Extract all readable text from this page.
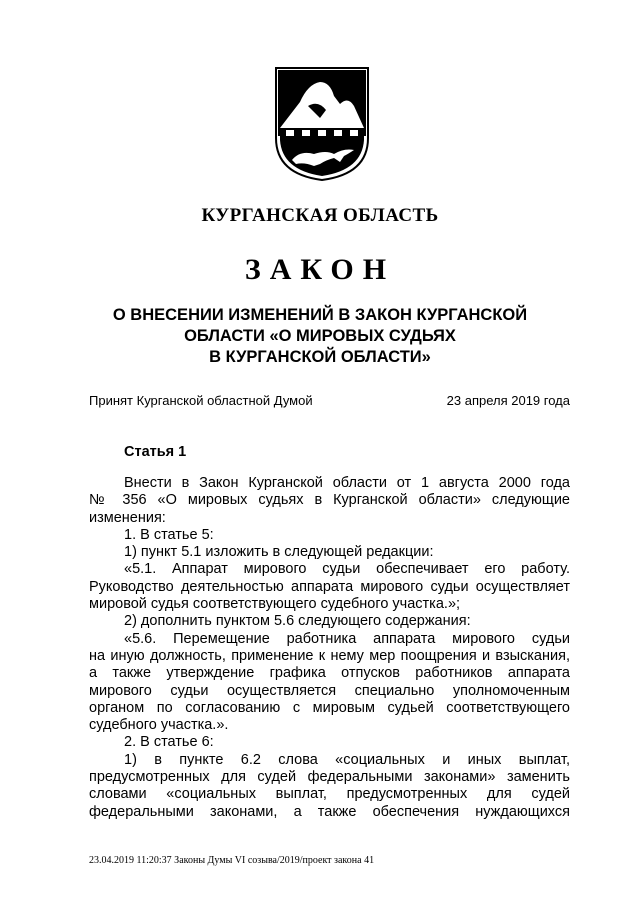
КУРГАНСКАЯ ОБЛАСТЬ
ЗАКОН
О ВНЕСЕНИИ ИЗМЕНЕНИЙ В ЗАКОН КУРГАНСКОЙ
ОБЛАСТИ «О МИРОВЫХ СУДЬЯХ
В КУРГАНСКОЙ ОБЛАСТИ»
Принят Курганской областной Думой	23 апреля 2019 года
Статья 1
Внести в Закон Курганской области от 1 августа 2000 года
№ 356 «О мировых судьях в Курганской области» следующие
изменения:
1. В статье 5:
1) пункт 5.1 изложить в следующей редакции:
«5.1. Аппарат мирового судьи обеспечивает его работу.
Руководство деятельностью аппарата мирового судьи осуществляет
мировой судья соответствующего судебного участка.»;
2) дополнить пунктом 5.6 следующего содержания:
«5.6. Перемещение работника аппарата мирового судьи
на иную должность, применение к нему мер поощрения и взыскания,
а также утверждение графика отпусков работников аппарата
мирового судьи осуществляется специально уполномоченным
органом по согласованию с мировым судьей соответствующего
судебного участка.».
2. В статье 6:
1) в пункте 6.2 слова «социальных и иных выплат,
предусмотренных для судей федеральными законами» заменить
словами «социальных выплат, предусмотренных для судей
федеральными законами, а также обеспечения нуждающихся
23.04.2019 11:20:37 Законы Думы VI созыва/2019/проект закона 41
